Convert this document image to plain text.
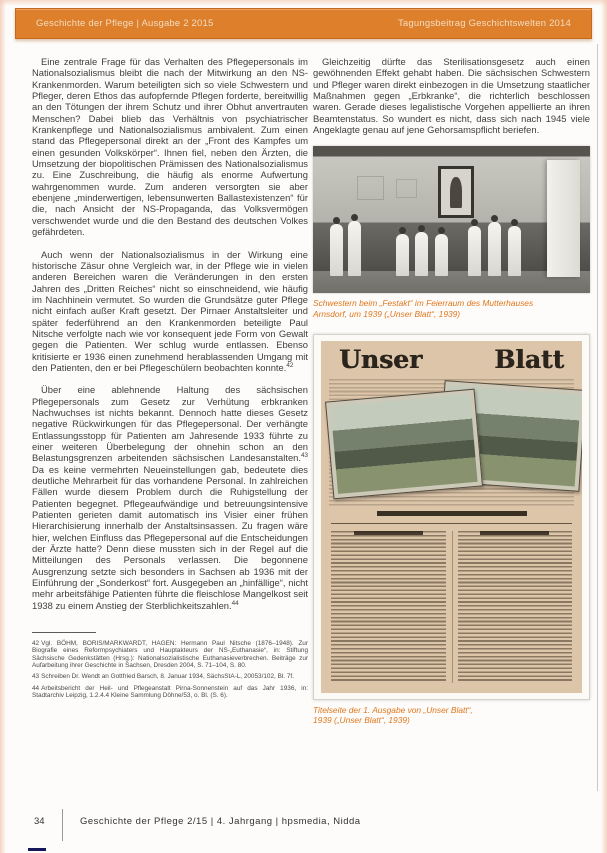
Geschichte der Pflege | Ausgabe 2 2015	Tagungsbeitrag Geschichtswelten 2014

Eine zentrale Frage für das Verhalten des Pflegepersonals im Nationalsozialismus bleibt die nach der Mitwirkung an den NS-Krankenmorden. Warum beteiligten sich so viele Schwestern und Pfleger, deren Ethos das aufopfernde Pflegen forderte, bereitwillig an den Tötungen der ihrem Schutz und ihrer Obhut anvertrauten Menschen? Dabei blieb das Verhältnis von psychiatrischer Krankenpflege und Nationalsozialismus ambivalent. Zum einen stand das Pflegepersonal direkt an der „Front des Kampfes um einen gesunden Volkskörper“. Ihnen fiel, neben den Ärzten, die Umsetzung der biopolitischen Prämissen des Nationalsozialismus zu. Eine Zuschreibung, die häufig als enorme Aufwertung wahrgenommen wurde. Zum anderen versorgten sie aber ebenjene „minderwertigen, lebensunwerten Ballastexistenzen“ für die, nach Ansicht der NS-Propaganda, das Volksvermögen verschwendet wurde und die den Bestand des deutschen Volkes gefährdeten.

Auch wenn der Nationalsozialismus in der Wirkung eine historische Zäsur ohne Vergleich war, in der Pflege wie in vielen anderen Bereichen waren die Veränderungen in den ersten Jahren des „Dritten Reiches“ nicht so einschneidend, wie häufig im Nachhinein vermutet. So wurden die Grundsätze guter Pflege nicht einfach außer Kraft gesetzt. Der Pirnaer Anstaltsleiter und später federführend an den Krankenmorden beteiligte Paul Nitsche verfolgte nach wie vor konsequent jede Form von Gewalt gegen die Patienten. Wer schlug wurde entlassen. Ebenso kritisierte er 1936 einen zunehmend herablassenden Umgang mit den Patienten, den er bei Pflegeschülern beobachten konnte.$^{42}$

Über eine ablehnende Haltung des sächsischen Pflegepersonals zum Gesetz zur Verhütung erbkranken Nachwuchses ist nichts bekannt. Dennoch hatte dieses Gesetz negative Rückwirkungen für das Pflegepersonal. Der verhängte Entlassungsstopp für Patienten am Jahresende 1933 führte zu einer weiteren Überbelegung der ohnehin schon an den Belastungsgrenzen arbeitenden sächsischen Landesanstalten.$^{43}$ Da es keine vermehrten Neueinstellungen gab, bedeutete dies deutliche Mehrarbeit für das vorhandene Personal. In zahlreichen Fällen wurde diesem Problem durch die Ruhigstellung der Patienten begegnet. Pflegeaufwändige und betreuungsintensive Patienten gerieten damit automatisch ins Visier einer frühen Hierarchisierung innerhalb der Anstaltsinsassen. Zu fragen wäre hier, welchen Einfluss das Pflegepersonal auf die Entscheidungen der Ärzte hatte? Denn diese mussten sich in der Regel auf die Mitteilungen des Personals verlassen. Die begonnene Ausgrenzung setzte sich besonders in Sachsen ab 1936 mit der Einführung der „Sonderkost“ fort. Ausgegeben an „hinfällige“, nicht mehr arbeitsfähige Patienten führte die fleischlose Mangelkost seit 1938 zu einem Anstieg der Sterblichkeitszahlen.$^{44}$

42 Vgl. BÖHM, BORIS/MARKWARDT, HAGEN: Hermann Paul Nitsche (1876–1948). Zur Biografie eines Reformpsychiaters und Hauptakteurs der NS-„Euthanasie“, in: Stiftung Sächsische Gedenkstätten (Hrsg.): Nationalsozialistische Euthanasieverbrechen. Beiträge zur Aufarbeitung ihrer Geschichte in Sachsen, Dresden 2004, S. 71–104, S. 80.

43 Schreiben Dr. Wendt an Gottfried Barsch, 8. Januar 1934, SächsStA-L, 20053/102, Bl. 7f.

44 Arbeitsbericht der Heil- und Pflegeanstalt Pirna-Sonnenstein auf das Jahr 1936, in: Stadtarchiv Leipzig, 1.2.4.4 Kleine Sammlung Döhne/53, o. Bl. (S. 6).

Gleichzeitig dürfte das Sterilisationsgesetz auch einen gewöhnenden Effekt gehabt haben. Die sächsischen Schwestern und Pfleger waren direkt einbezogen in die Umsetzung staatlicher Maßnahmen gegen „Erbkranke“, die richterlich beschlossen waren. Gerade dieses legalistische Vorgehen appellierte an ihren Beamtenstatus. So wundert es nicht, dass sich nach 1945 viele Angeklagte genau auf jene Gehorsamspflicht beriefen.

Schwestern beim „Festakt“ im Feierraum des Mutterhauses
Arnsdorf, um 1939 („Unser Blatt“, 1939)
Unser	Blatt
Titelseite der 1. Ausgabe von „Unser Blatt“,
1939 („Unser Blatt“, 1939)
34	Geschichte der Pflege 2/15 | 4. Jahrgang | hpsmedia, Nidda
